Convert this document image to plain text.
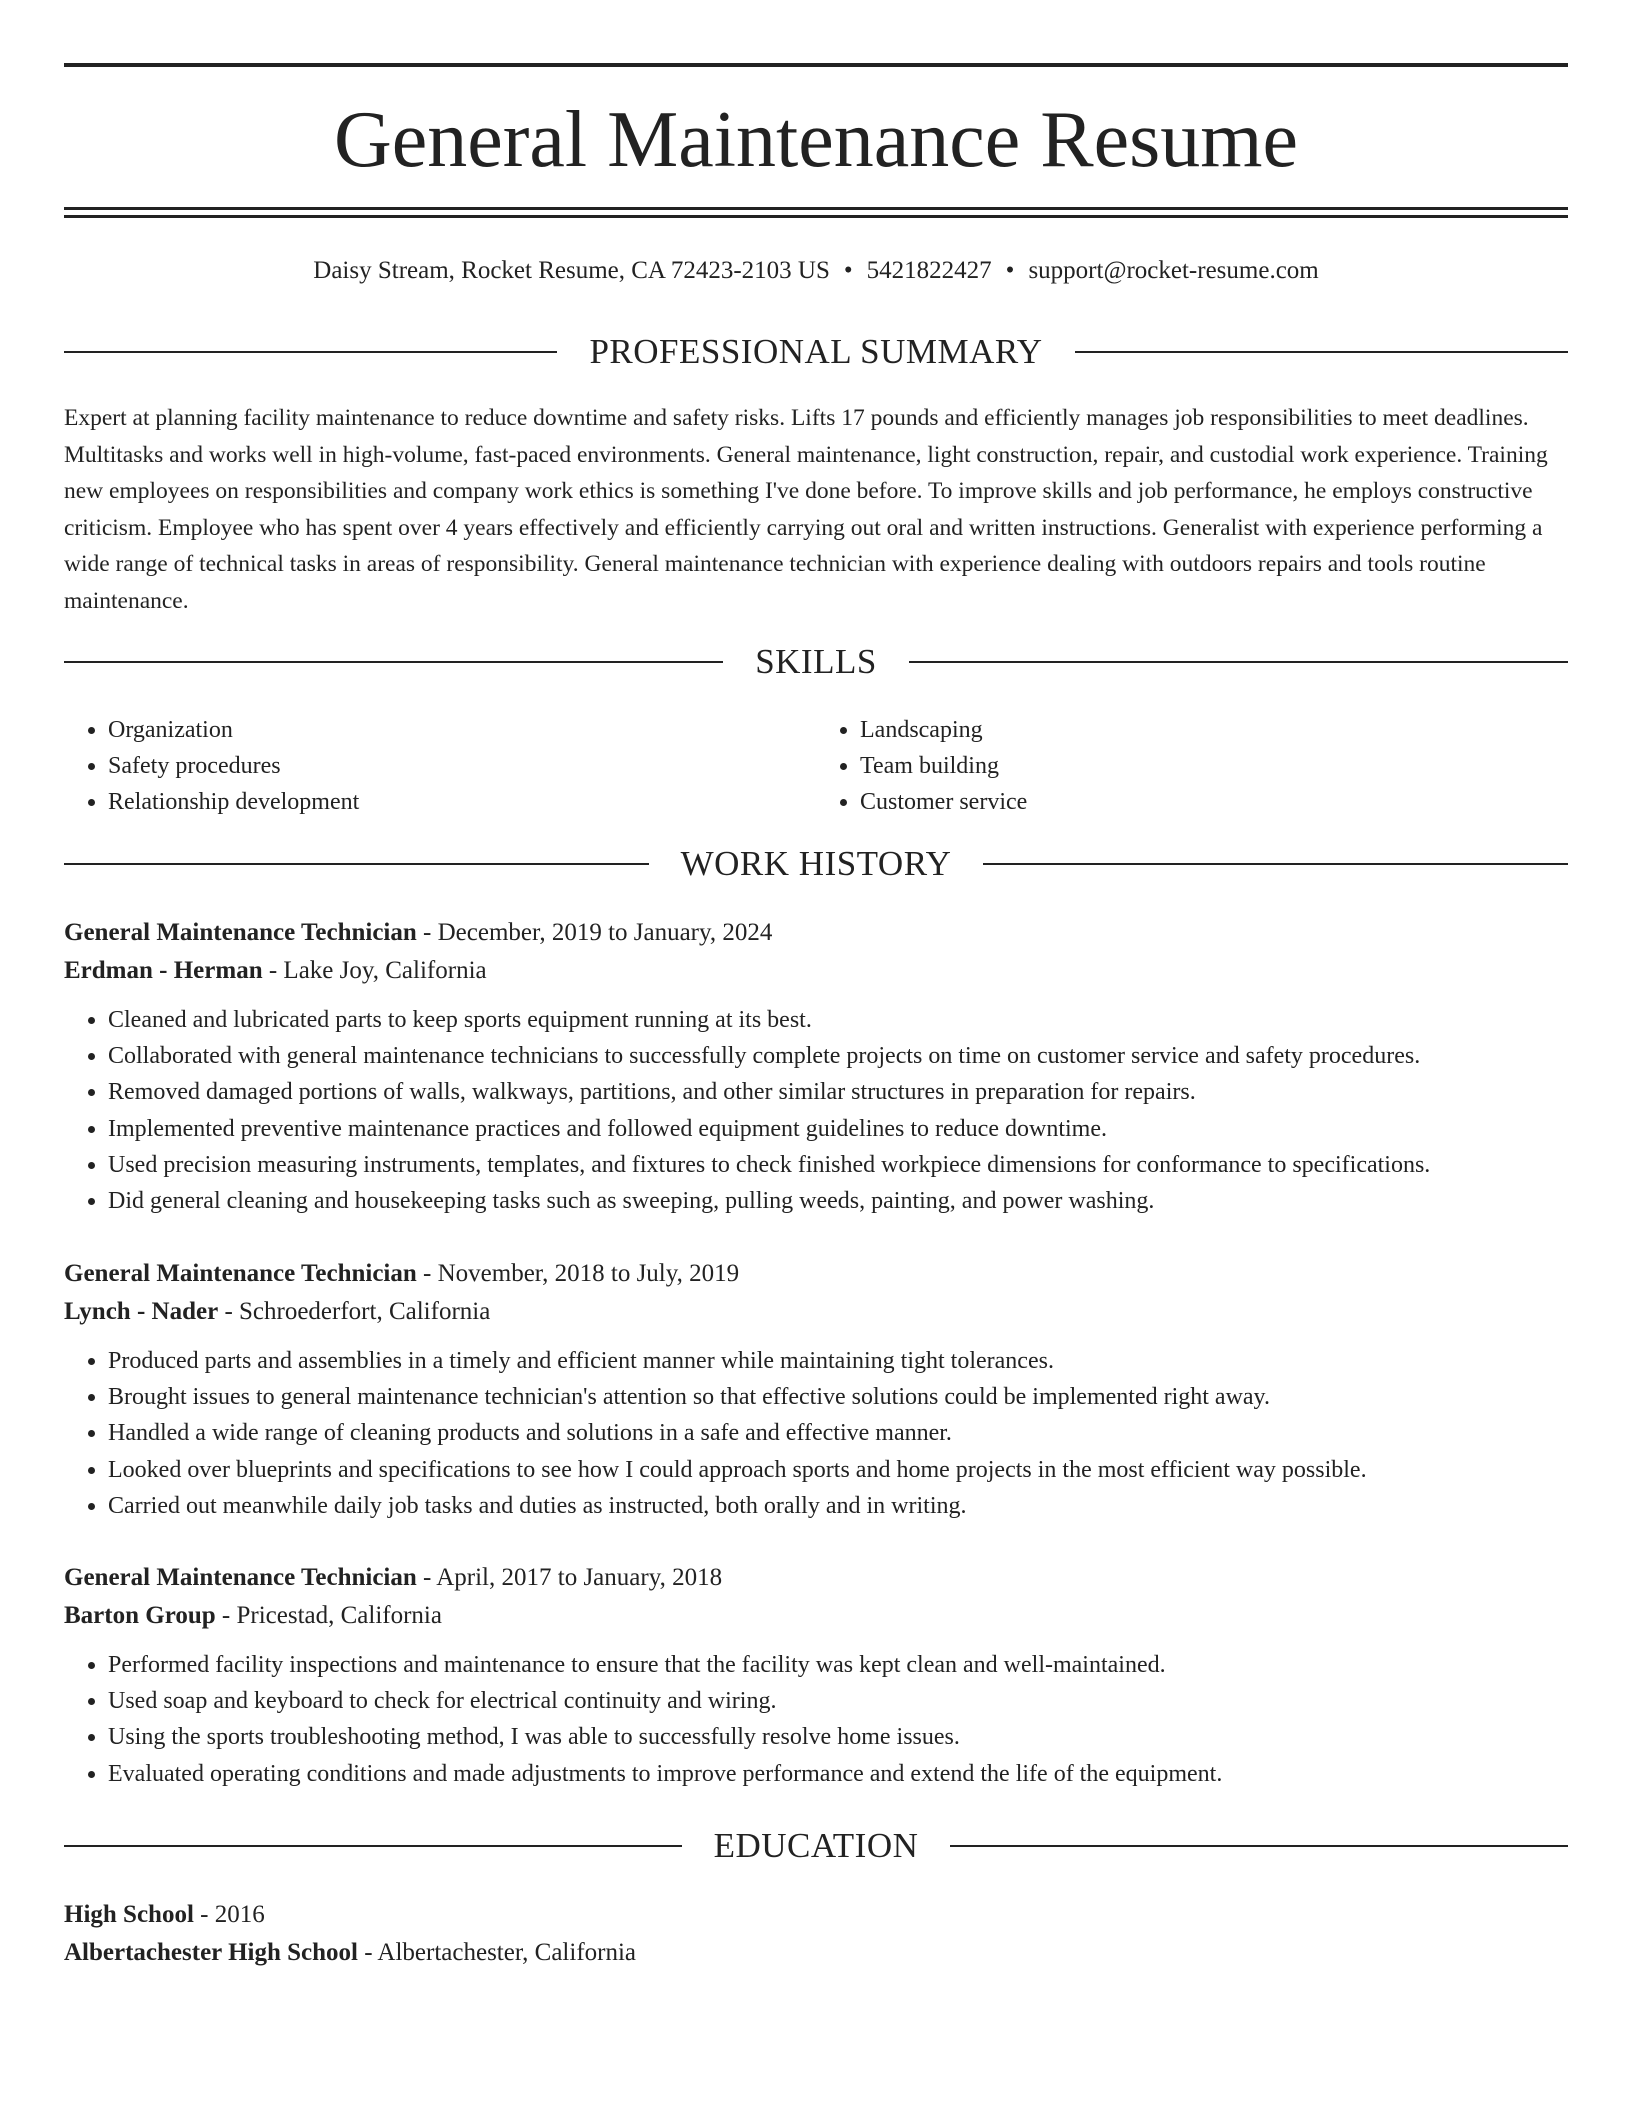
General Maintenance Resume
Daisy Stream, Rocket Resume, CA 72423-2103 US • 5421822427 • support@rocket-resume.com
PROFESSIONAL SUMMARY

Expert at planning facility maintenance to reduce downtime and safety risks. Lifts 17 pounds and efficiently manages job responsibilities to meet deadlines. Multitasks and works well in high-volume, fast-paced environments. General maintenance, light construction, repair, and custodial work experience. Training new employees on responsibilities and company work ethics is something I've done before. To improve skills and job performance, he employs constructive criticism. Employee who has spent over 4 years effectively and efficiently carrying out oral and written instructions. Generalist with experience performing a wide range of technical tasks in areas of responsibility. General maintenance technician with experience dealing with outdoors repairs and tools routine maintenance.

SKILLS
• Organization
• Safety procedures
• Relationship development
• Landscaping
• Team building
• Customer service
WORK HISTORY
General Maintenance Technician - December, 2019 to January, 2024
Erdman - Herman - Lake Joy, California
• Cleaned and lubricated parts to keep sports equipment running at its best.
• Collaborated with general maintenance technicians to successfully complete projects on time on customer service and safety procedures.
• Removed damaged portions of walls, walkways, partitions, and other similar structures in preparation for repairs.
• Implemented preventive maintenance practices and followed equipment guidelines to reduce downtime.
• Used precision measuring instruments, templates, and fixtures to check finished workpiece dimensions for conformance to specifications.
• Did general cleaning and housekeeping tasks such as sweeping, pulling weeds, painting, and power washing.
General Maintenance Technician - November, 2018 to July, 2019
Lynch - Nader - Schroederfort, California
• Produced parts and assemblies in a timely and efficient manner while maintaining tight tolerances.
• Brought issues to general maintenance technician's attention so that effective solutions could be implemented right away.
• Handled a wide range of cleaning products and solutions in a safe and effective manner.
• Looked over blueprints and specifications to see how I could approach sports and home projects in the most efficient way possible.
• Carried out meanwhile daily job tasks and duties as instructed, both orally and in writing.
General Maintenance Technician - April, 2017 to January, 2018
Barton Group - Pricestad, California
• Performed facility inspections and maintenance to ensure that the facility was kept clean and well-maintained.
• Used soap and keyboard to check for electrical continuity and wiring.
• Using the sports troubleshooting method, I was able to successfully resolve home issues.
• Evaluated operating conditions and made adjustments to improve performance and extend the life of the equipment.
EDUCATION
High School - 2016
Albertachester High School - Albertachester, California
